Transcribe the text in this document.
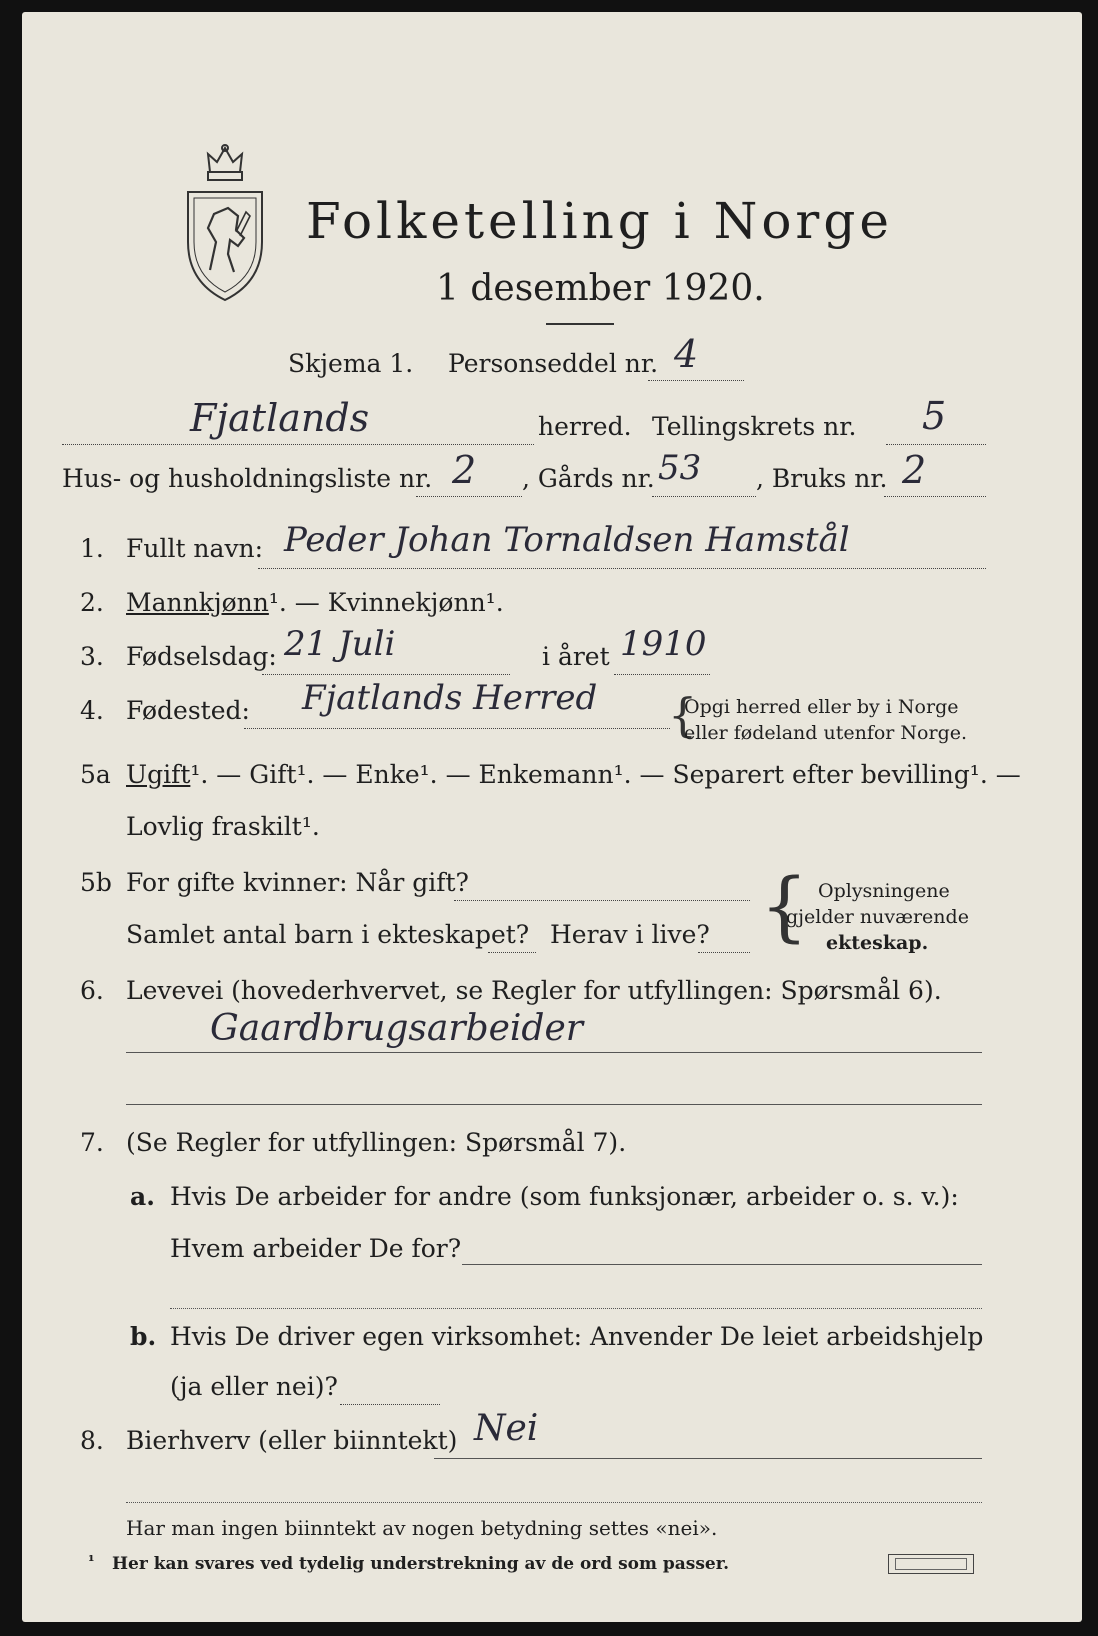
Folketelling i Norge
1 desember 1920.
Skjema 1. Personseddel nr. 4
Fjatlands	herred. Tellingskrets nr. 5
Hus- og husholdningsliste nr. 2 , Gårds nr. 53 , Bruks nr. 2
1. Fullt navn: Peder Johan Tornaldsen Hamstål
2. Mannkjønn¹. — Kvinnekjønn¹.
3. Fødselsdag: 21 Juli	i året 1910
4. Fødested: Fjatlands Herred {
Opgi herred eller by i Norge
eller fødeland utenfor Norge.
5a Ugift¹. — Gift¹. — Enke¹. — Enkemann¹. — Separert efter bevilling¹. —
Lovlig fraskilt¹.
5b For gifte kvinner: Når gift?
Samlet antal barn i ekteskapet? Herav i live? { Oplysningene
gjelder nuværende
ekteskap.
6. Levevei (hovederhvervet, se Regler for utfyllingen: Spørsmål 6).
Gaardbrugsarbeider
7. (Se Regler for utfyllingen: Spørsmål 7).
a. Hvis De arbeider for andre (som funksjonær, arbeider o. s. v.):
Hvem arbeider De for?
b. Hvis De driver egen virksomhet: Anvender De leiet arbeidshjelp
(ja eller nei)?
8. Bierhverv (eller biinntekt) Nei
Har man ingen biinntekt av nogen betydning settes «nei».
¹ Her kan svares ved tydelig understrekning av de ord som passer.
